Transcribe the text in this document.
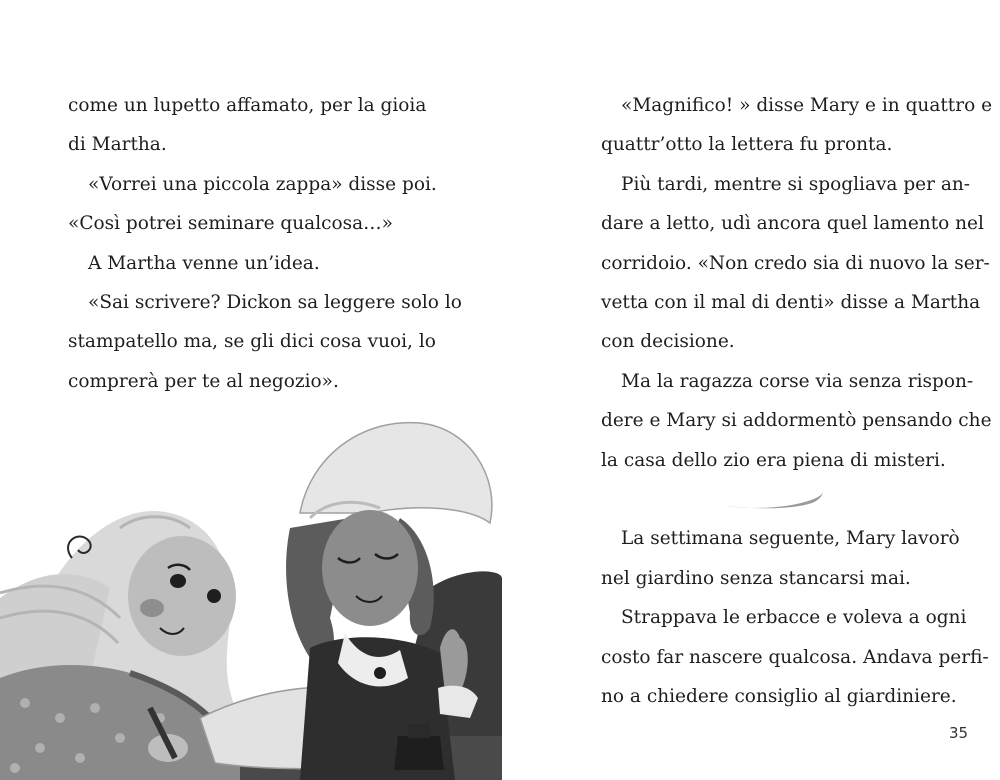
come un lupetto affamato, per la gioia
di Martha.
«Vorrei una piccola zappa» disse poi.
«Così potrei seminare qualcosa…»
A Martha venne un’idea.
«Sai scrivere? Dickon sa leggere solo lo
stampatello ma, se gli dici cosa vuoi, lo
comprerà per te al negozio».
«Magnifico! » disse Mary e in quattro e
quattr’otto la lettera fu pronta.
Più tardi, mentre si spogliava per an-
dare a letto, udì ancora quel lamento nel
corridoio. «Non credo sia di nuovo la ser-
vetta con il mal di denti» disse a Martha
con decisione.
Ma la ragazza corse via senza rispon-
dere e Mary si addormentò pensando che
la casa dello zio era piena di misteri.
La settimana seguente, Mary lavorò
nel giardino senza stancarsi mai.
Strappava le erbacce e voleva a ogni
costo far nascere qualcosa. Andava perfi-
no a chiedere consiglio al giardiniere.
35
